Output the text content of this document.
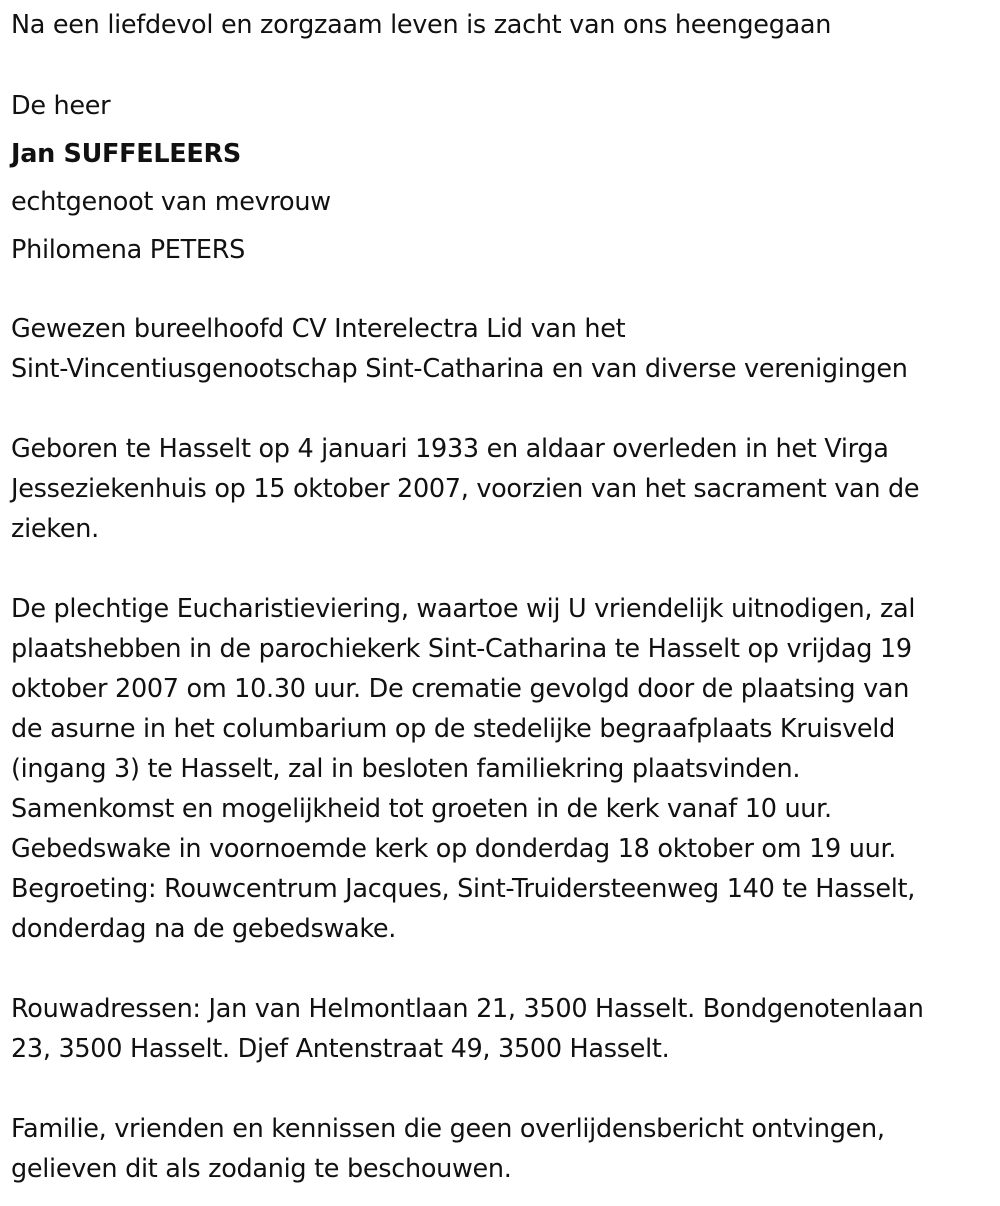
Na een liefdevol en zorgzaam leven is zacht van ons heengegaan
De heer
Jan SUFFELEERS
echtgenoot van mevrouw
Philomena PETERS
Gewezen bureelhoofd CV Interelectra Lid van het
Sint-Vincentiusgenootschap Sint-Catharina en van diverse verenigingen
Geboren te Hasselt op 4 januari 1933 en aldaar overleden in het Virga
Jesseziekenhuis op 15 oktober 2007, voorzien van het sacrament van de
zieken.
De plechtige Eucharistieviering, waartoe wij U vriendelijk uitnodigen, zal
plaatshebben in de parochiekerk Sint-Catharina te Hasselt op vrijdag 19
oktober 2007 om 10.30 uur. De crematie gevolgd door de plaatsing van
de asurne in het columbarium op de stedelijke begraafplaats Kruisveld
(ingang 3) te Hasselt, zal in besloten familiekring plaatsvinden.
Samenkomst en mogelijkheid tot groeten in de kerk vanaf 10 uur.
Gebedswake in voornoemde kerk op donderdag 18 oktober om 19 uur.
Begroeting: Rouwcentrum Jacques, Sint-Truidersteenweg 140 te Hasselt,
donderdag na de gebedswake.
Rouwadressen: Jan van Helmontlaan 21, 3500 Hasselt. Bondgenotenlaan
23, 3500 Hasselt. Djef Antenstraat 49, 3500 Hasselt.
Familie, vrienden en kennissen die geen overlijdensbericht ontvingen,
gelieven dit als zodanig te beschouwen.
